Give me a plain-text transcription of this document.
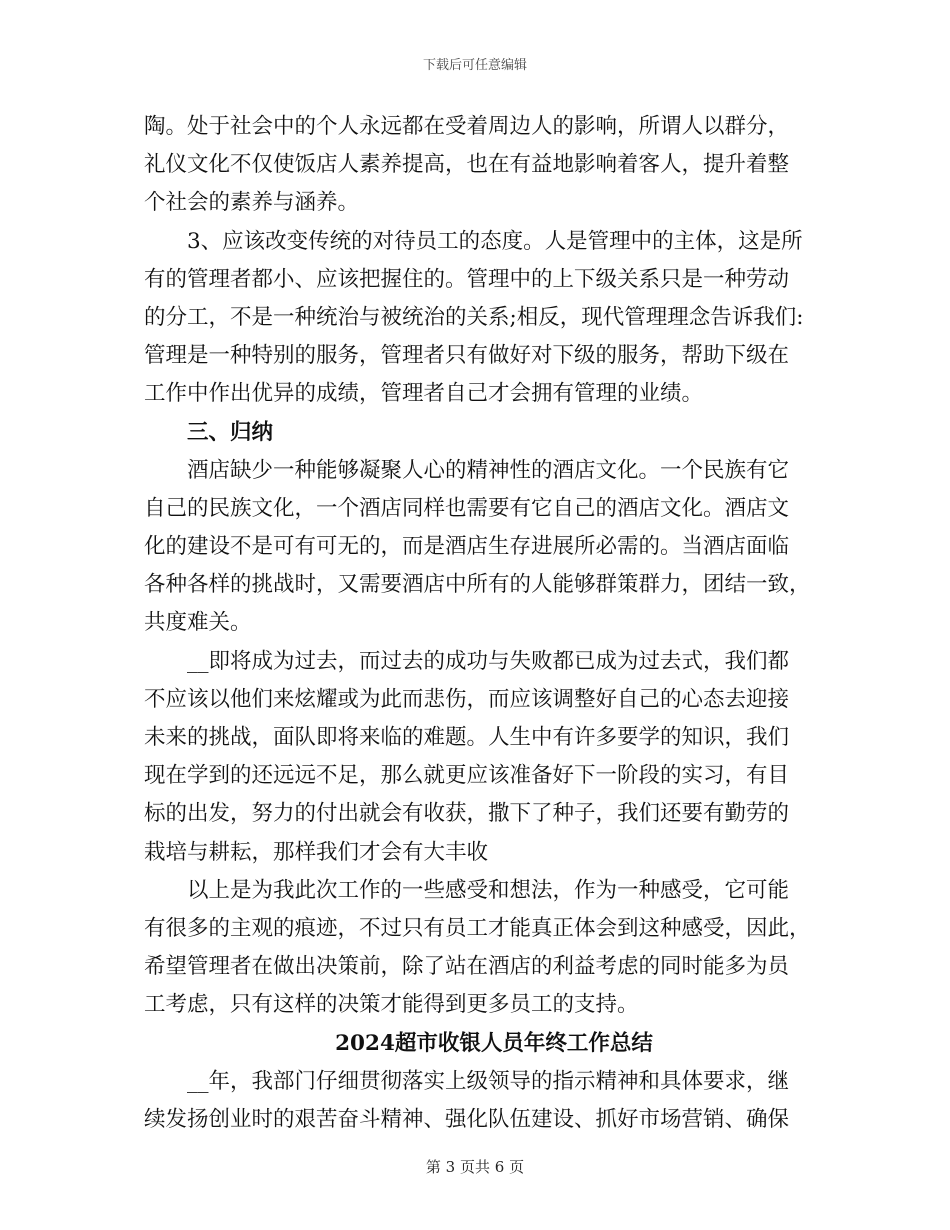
下载后可任意编辑
陶。处于社会中的个人永远都在受着周边人的影响，所谓人以群分，
礼仪文化不仅使饭店人素养提高，也在有益地影响着客人，提升着整
个社会的素养与涵养。
3、应该改变传统的对待员工的态度。人是管理中的主体，这是所
有的管理者都小、应该把握住的。管理中的上下级关系只是一种劳动
的分工，不是一种统治与被统治的关系;相反，现代管理理念告诉我们:
管理是一种特别的服务，管理者只有做好对下级的服务，帮助下级在
工作中作出优异的成绩，管理者自己才会拥有管理的业绩。
三、归纳
酒店缺少一种能够凝聚人心的精神性的酒店文化。一个民族有它
自己的民族文化，一个酒店同样也需要有它自己的酒店文化。酒店文
化的建设不是可有可无的，而是酒店生存进展所必需的。当酒店面临
各种各样的挑战时，又需要酒店中所有的人能够群策群力，团结一致，
共度难关。
__即将成为过去，而过去的成功与失败都已成为过去式，我们都
不应该以他们来炫耀或为此而悲伤，而应该调整好自己的心态去迎接
未来的挑战，面队即将来临的难题。人生中有许多要学的知识，我们
现在学到的还远远不足，那么就更应该准备好下一阶段的实习，有目
标的出发，努力的付出就会有收获，撒下了种子，我们还要有勤劳的
栽培与耕耘，那样我们才会有大丰收
以上是为我此次工作的一些感受和想法，作为一种感受，它可能
有很多的主观的痕迹，不过只有员工才能真正体会到这种感受，因此，
希望管理者在做出决策前，除了站在酒店的利益考虑的同时能多为员
工考虑，只有这样的决策才能得到更多员工的支持。
2024超市收银人员年终工作总结
__年，我部门仔细贯彻落实上级领导的指示精神和具体要求，继
续发扬创业时的艰苦奋斗精神、强化队伍建设、抓好市场营销、确保
第 3 页共 6 页
